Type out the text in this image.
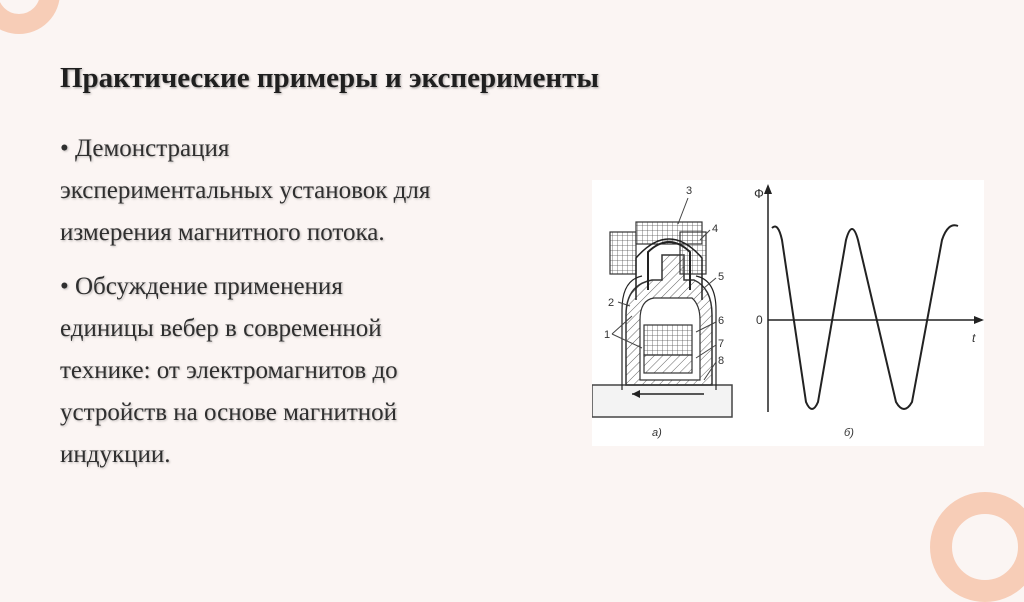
Практические примеры и эксперименты

• Демонстрация
экспериментальных установок для
измерения магнитного потока.

• Обсуждение применения
единицы вебер в современной
технике: от электромагнитов до
устройств на основе магнитной
индукции.

1
2
3
4
5
6
7
8
а)
Ф
t
0
б)
